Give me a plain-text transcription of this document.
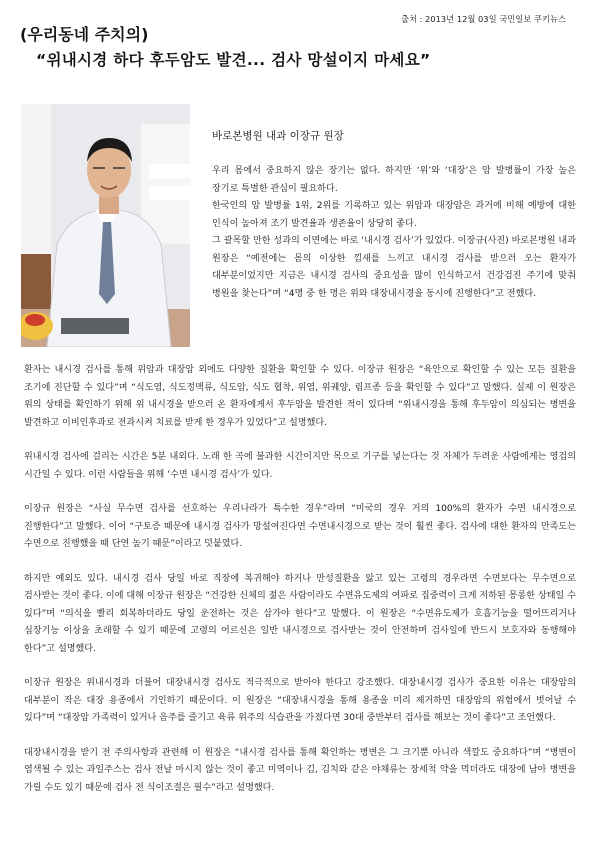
출처 : 2013년 12월 03일 국민일보 쿠키뉴스
(우리동네 주치의)
“위내시경 하다 후두암도 발견... 검사 망설이지 마세요”
바로본병원 내과 이장규 원장

우리 몸에서 중요하지 않은 장기는 없다. 하지만 ‘위’와 ‘대장’은 암 발병률이 가장 높은 장기로 특별한 관심이 필요하다.

한국인의 암 발병률 1위, 2위를 기록하고 있는 위암과 대장암은 과거에 비해 예방에 대한 인식이 높아져 조기 발견율과 생존율이 상당히 좋다.

그 괄목할 만한 성과의 이면에는 바로 ‘내시경 검사’가 있었다. 이장규(사진) 바로본병원 내과 원장은 “예전에는 몸의 이상한 낌새를 느끼고 내시경 검사를 받으러 오는 환자가 대부분이었지만 지금은 내시경 검사의 중요성을 많이 인식하고서 건강검진 주기에 맞춰 병원을 찾는다”며 “4명 중 한 명은 위와 대장내시경을 동시에 진행한다”고 전했다.

환자는 내시경 검사를 통해 위암과 대장암 외에도 다양한 질환을 확인할 수 있다. 이장규 원장은 “육안으로 확인할 수 있는 모든 질환을 조기에 진단할 수 있다”며 “식도염, 식도정맥류, 식도암, 식도 협착, 위염, 위궤양, 림프종 등을 확인할 수 있다”고 말했다. 실제 이 원장은 위의 상태를 확인하기 위해 위 내시경을 받으러 온 환자에게서 후두암을 발견한 적이 있다며 “위내시경을 통해 후두암이 의심되는 병변을 발견하고 이비인후과로 전과시켜 치료를 받게 한 경우가 있었다”고 설명했다.

위내시경 검사에 걸리는 시간은 5분 내외다. 노래 한 곡에 불과한 시간이지만 목으로 기구를 넣는다는 것 자체가 두려운 사람에게는 영겁의 시간일 수 있다. 이런 사람들을 위해 ‘수면 내시경 검사’가 있다.

이장규 원장은 “사실 무수면 검사를 선호하는 우리나라가 특수한 경우”라며 “미국의 경우 거의 100%의 환자가 수면 내시경으로 진행한다”고 말했다. 이어 “구토증 때문에 내시경 검사가 망설여진다면 수면내시경으로 받는 것이 훨씬 좋다. 검사에 대한 환자의 만족도는 수면으로 진행했을 때 단연 높기 때문”이라고 덧붙였다.

하지만 예외도 있다. 내시경 검사 당일 바로 직장에 복귀해야 하거나 만성질환을 앓고 있는 고령의 경우라면 수면보다는 무수면으로 검사받는 것이 좋다. 이에 대해 이장규 원장은 “건강한 신체의 젊은 사람이라도 수면유도제의 여파로 집중력이 크게 저하된 몽롱한 상태일 수 있다”며 “의식을 빨리 회복하더라도 당일 운전하는 것은 삼가야 한다”고 말했다. 이 원장은 “수면유도제가 호흡기능을 떨어뜨리거나 심장기능 이상을 초래할 수 있기 때문에 고령의 어르신은 일반 내시경으로 검사받는 것이 안전하며 검사일에 반드시 보호자와 동행해야 한다”고 설명했다.

이장규 원장은 위내시경과 더불어 대장내시경 검사도 적극적으로 받아야 한다고 강조했다. 대장내시경 검사가 중요한 이유는 대장암의 대부분이 작은 대장 용종에서 기인하기 때문이다. 이 원장은 “대장내시경을 통해 용종을 미리 제거하면 대장암의 위험에서 벗어날 수 있다”며 “대장암 가족력이 있거나 음주를 즐기고 육류 위주의 식습관을 가졌다면 30대 중반부터 검사를 해보는 것이 좋다”고 조언했다.

대장내시경을 받기 전 주의사항과 관련해 이 원장은 “내시경 검사를 통해 확인하는 병변은 그 크기뿐 아니라 색깔도 중요하다”며 “병변이 염색될 수 있는 과일주스는 검사 전날 마시지 않는 것이 좋고 미역이나 김, 김치와 같은 야채류는 장세척 약을 먹더라도 대장에 남아 병변을 가릴 수도 있기 때문에 검사 전 식이조절은 필수”라고 설명했다.
